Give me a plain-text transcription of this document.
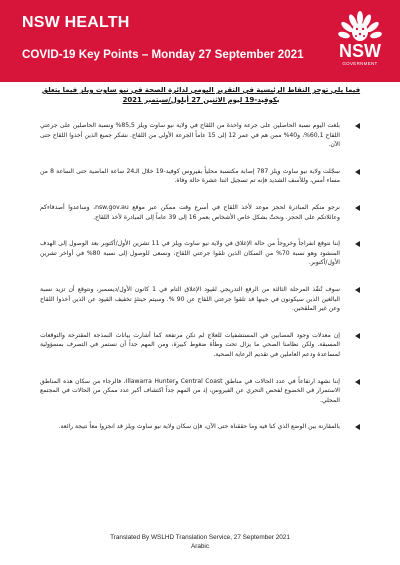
NSW HEALTH
COVID-19 Key Points – Monday 27 September 2021	NSW
GOVERNMENT
فيما يلي توجز النقاط الرئيسية في التقرير اليومي لدائرة الصحة في نيو ساوث ويلز فيما يتعلق بكوفيد-19 ليوم الاثنين 27 أيلول/سبتمبر 2021
بلغت اليوم نسبة الحاصلين على جرعة واحدة من اللقاح في ولاية نيو ساوث ويلز 85,5% ونسبة الحاصلين على جرعتي اللقاح 60,1%، و40% ممن هم في عمر 12 إلى 15 عاماً الجرعة الأولى من اللقاح. نشكر جميع الذين أخذوا اللقاح حتى الآن.
سجّلت ولاية نيو ساوث ويلز 787 إصابة مكتسبة محلياً بفيروس كوفيد-19 خلال الـ24 ساعة الماضية حتى الساعة 8 من مساء أمس، وللأسف الشديد فإنه تم تسجيل اثنتا عشرة حالة وفاة.
نرجو منكم المبادرة لحجز موعد لأخذ اللقاح في أسرع وقت ممكن عبر موقع nsw.gov.au، وساعدوا أصدقاءكم وعائلاتكم على الحجز. ونحثّ بشكل خاص الأشخاص بعمر 16 إلى 39 عاماً إلى المبادرة لأخذ اللقاح.
إننا نتوقع انفراجاً وخروجاً من حالة الإغلاق في ولاية نيو ساوث ويلز في 11 تشرين الأول/أكتوبر بعد الوصول إلى الهدف المنشود وهو نسبة 70% من السكان الذين تلقوا جرعتي اللقاح، ونسعى للوصول إلى نسبة 80% في أواخر تشرين الأول/أكتوبر.
سوف تُنفّذ المرحلة الثالثة من الرفع التدريجي لقيود الإغلاق التام في 1 كانون الأول/ديسمبر، ونتوقع أن تزيد نسبة البالغين الذين سيكونون في حينها قد تلقوا جرعتي اللقاح عن 90 %. وسيتم حينئذٍ تخفيف القيود عن الذين أخذوا اللقاح وعن غير الملقحين.
إن معدلات وجود المصابين في المستشفيات للعلاج لم تكن مرتفعة كما أشارت بيانات النمذجة المقترحة والتوقعات المسبقة. ولكن نظامنا الصحي ما يزال تحت وطأة ضغوط كبيرة، ومن المهم جداً أن نستمر في التصرف بمسؤولية لمساعدة ودعم العاملين في تقديم الرعاية الصحية.
إننا نشهد ارتفاعاً في عدد الحالات في مناطق Central Coast وIllawarra Hunter، فالرجاء من سكان هذه المناطق الاستمرار في الخضوع لفحص التحري عن الفيروس، إذ من المهم جداً اكتشاف أكبر عدد ممكن من الحالات في المجتمع المحلي.
بالمقارنة بين الوضع الذي كنا فيه وما حققناه حتى الآن، فإن سكان ولاية نيو ساوث ويلز قد انجزوا معاً نتيجة رائعة.
Translated By WSLHD Translation Service, 27 September 2021
Arabic
